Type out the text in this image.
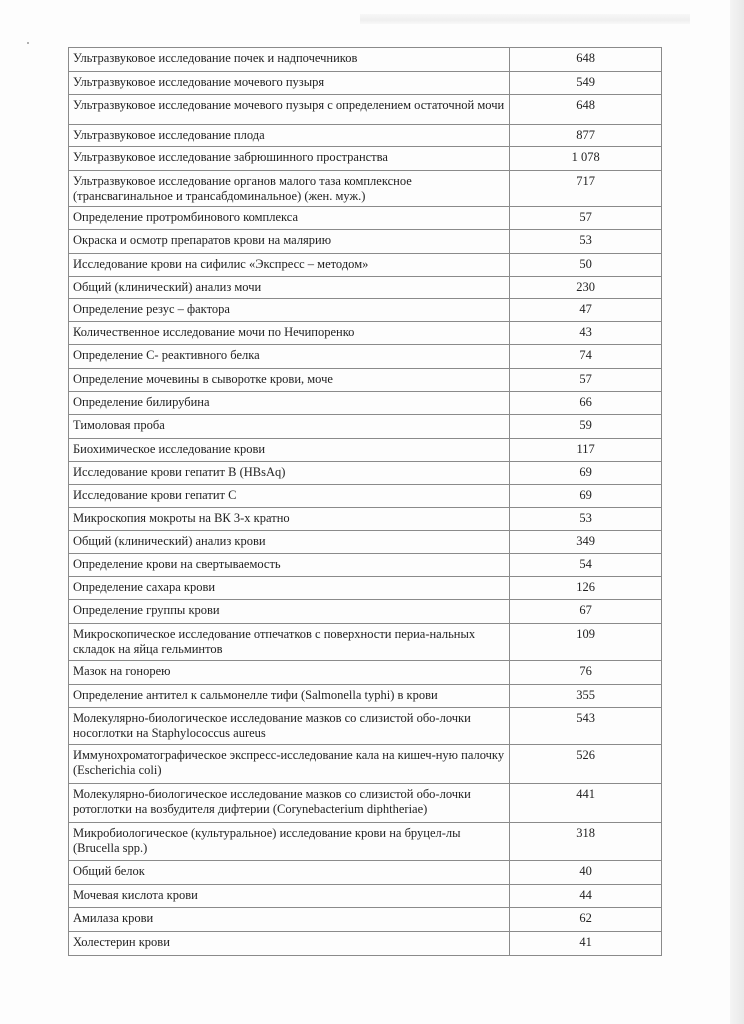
Ультразвуковое исследование почек и надпочечников	648
Ультразвуковое исследование мочевого пузыря	549
Ультразвуковое исследование мочевого пузыря с определением остаточной мочи	648
Ультразвуковое исследование плода	877
Ультразвуковое исследование забрюшинного пространства	1 078
Ультразвуковое исследование органов малого таза комплексное (трансвагинальное и трансабдоминальное) (жен. муж.)	717
Определение протромбинового комплекса	57
Окраска и осмотр препаратов крови на малярию	53
Исследование крови на сифилис «Экспресс – методом»	50
Общий (клинический) анализ мочи	230
Определение резус – фактора	47
Количественное исследование мочи по Нечипоренко	43
Определение С- реактивного белка	74
Определение мочевины в сыворотке крови, моче	57
Определение билирубина	66
Тимоловая проба	59
Биохимическое исследование крови	117
Исследование крови гепатит В (HBsAq)	69
Исследование крови гепатит С	69
Микроскопия мокроты на ВК 3-х кратно	53
Общий (клинический) анализ крови	349
Определение крови на свертываемость	54
Определение сахара крови	126
Определение группы крови	67
Микроскопическое исследование отпечатков с поверхности периа-нальных складок на яйца гельминтов	109
Мазок на гонорею	76
Определение антител к сальмонелле тифи (Salmonella typhi) в крови	355
Молекулярно-биологическое исследование мазков со слизистой обо-лочки носоглотки на Staphylococcus aureus	543
Иммунохроматографическое экспресс-исследование кала на кишеч-ную палочку (Escherichia coli)	526
Молекулярно-биологическое исследование мазков со слизистой обо-лочки ротоглотки на возбудителя дифтерии (Corynebacterium diphtheriae)	441
Микробиологическое (культуральное) исследование крови на бруцел-лы (Brucella spp.)	318
Общий белок	40
Мочевая кислота крови	44
Амилаза крови	62
Холестерин крови	41
